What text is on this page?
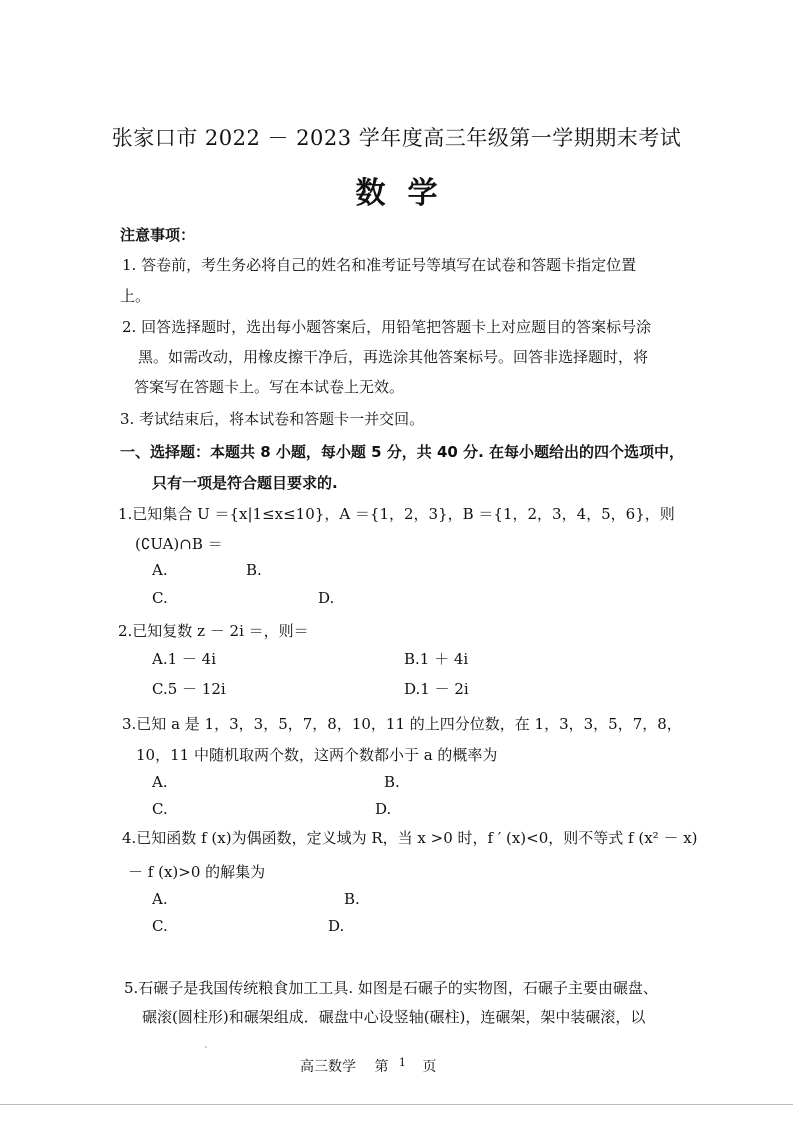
张家口市 2022 － 2023 学年度高三年级第一学期期末考试
数学
注意事项：
1. 答卷前，考生务必将自己的姓名和准考证号等填写在试卷和答题卡指定位置
上。
2. 回答选择题时，选出每小题答案后，用铅笔把答题卡上对应题目的答案标号涂
黑。如需改动，用橡皮擦干净后，再选涂其他答案标号。回答非选择题时，将
答案写在答题卡上。写在本试卷上无效。
3. 考试结束后，将本试卷和答题卡一并交回。
一、选择题：本题共 8 小题，每小题 5 分，共 40 分. 在每小题给出的四个选项中，
只有一项是符合题目要求的.
1.已知集合 U ＝{x|1≤x≤10}，A ＝{1，2，3}，B ＝{1，2，3，4，5，6}，则
(∁UA)∩B ＝
A.	B.
C.	D.
2.已知复数 z － 2i ＝，则＝
A.1 － 4i	B.1 ＋ 4i
C.5 － 12i	D.1 － 2i
3.已知 a 是 1，3，3，5，7，8，10，11 的上四分位数，在 1，3，3，5，7，8，
10，11 中随机取两个数，这两个数都小于 a 的概率为
A.	B.
C.	D.
4.已知函数 f (x)为偶函数，定义域为 R，当 x >0 时，f ′ (x)<0，则不等式 f (x² － x)
－ f (x)>0 的解集为
A.	B.
C.	D.
5.石碾子是我国传统粮食加工工具. 如图是石碾子的实物图，石碾子主要由碾盘、
碾滚(圆柱形)和碾架组成．碾盘中心设竖轴(碾柱)，连碾架，架中装碾滚，以
高三数学 第 $^1$ 页
